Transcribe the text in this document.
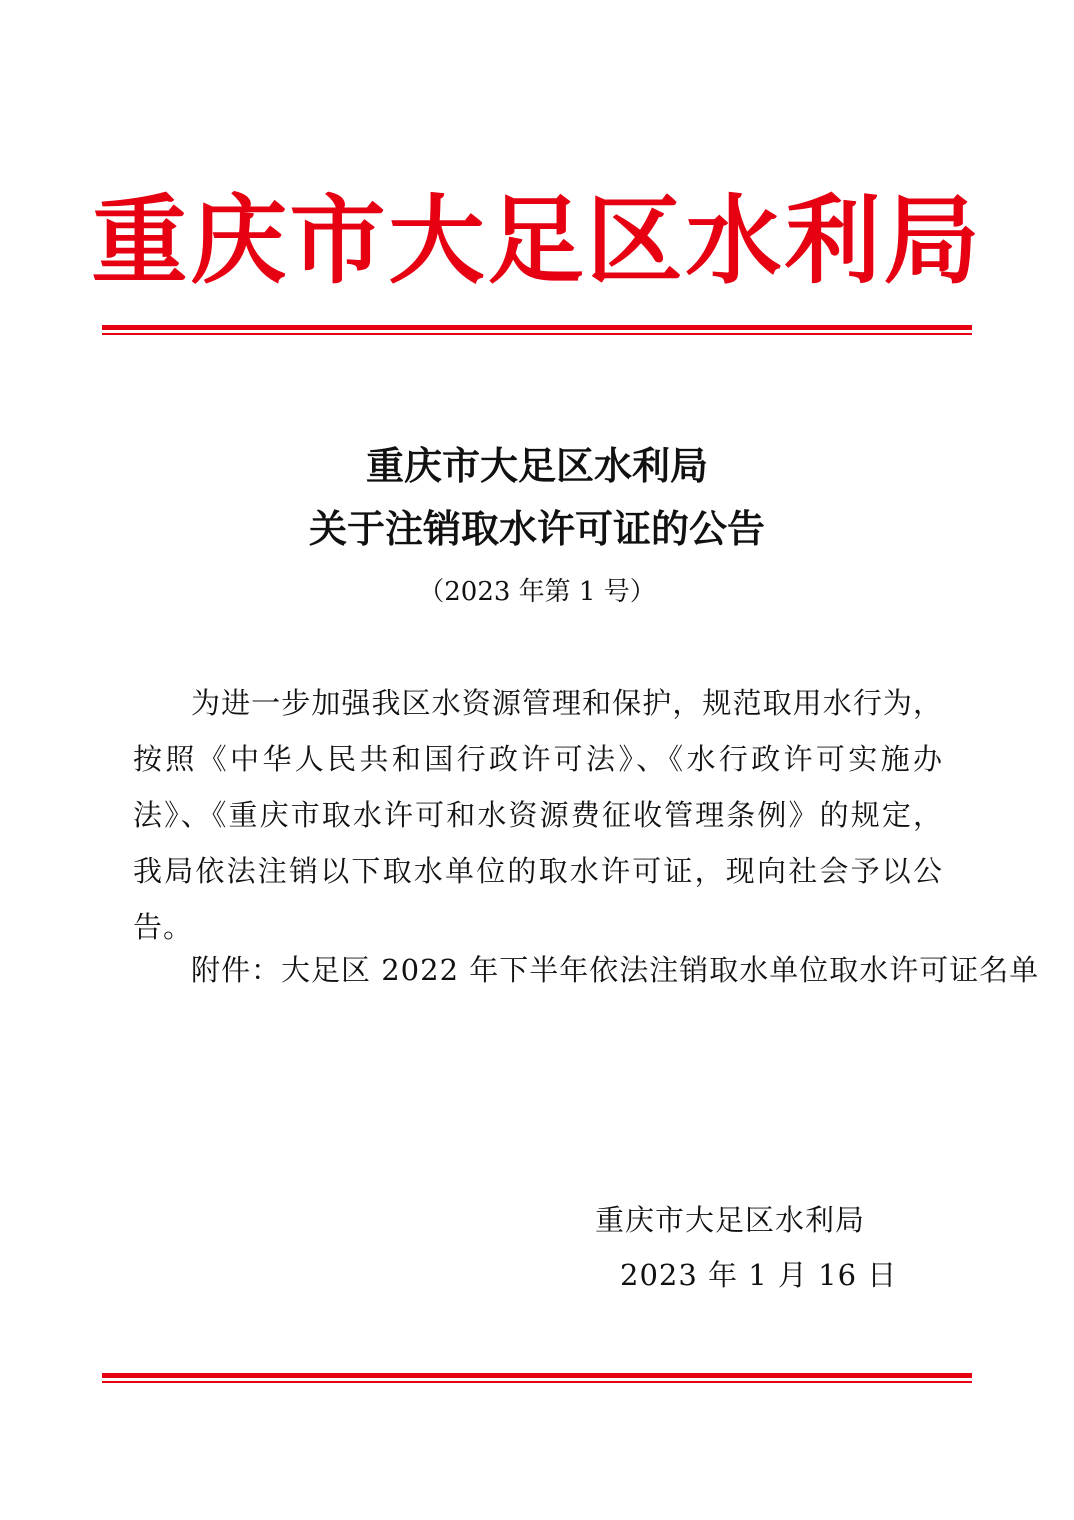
重庆市大足区水利局
重庆市大足区水利局
关于注销取水许可证的公告
（2023 年第 1 号）

为进一步加强我区水资源管理和保护，规范取用水行为，按照《中华人民共和国行政许可法》、《水行政许可实施办法》、《重庆市取水许可和水资源费征收管理条例》的规定，我局依法注销以下取水单位的取水许可证，现向社会予以公告。

附件：大足区 2022 年下半年依法注销取水单位取水许可证名单
重庆市大足区水利局
2023 年 1 月 16 日
